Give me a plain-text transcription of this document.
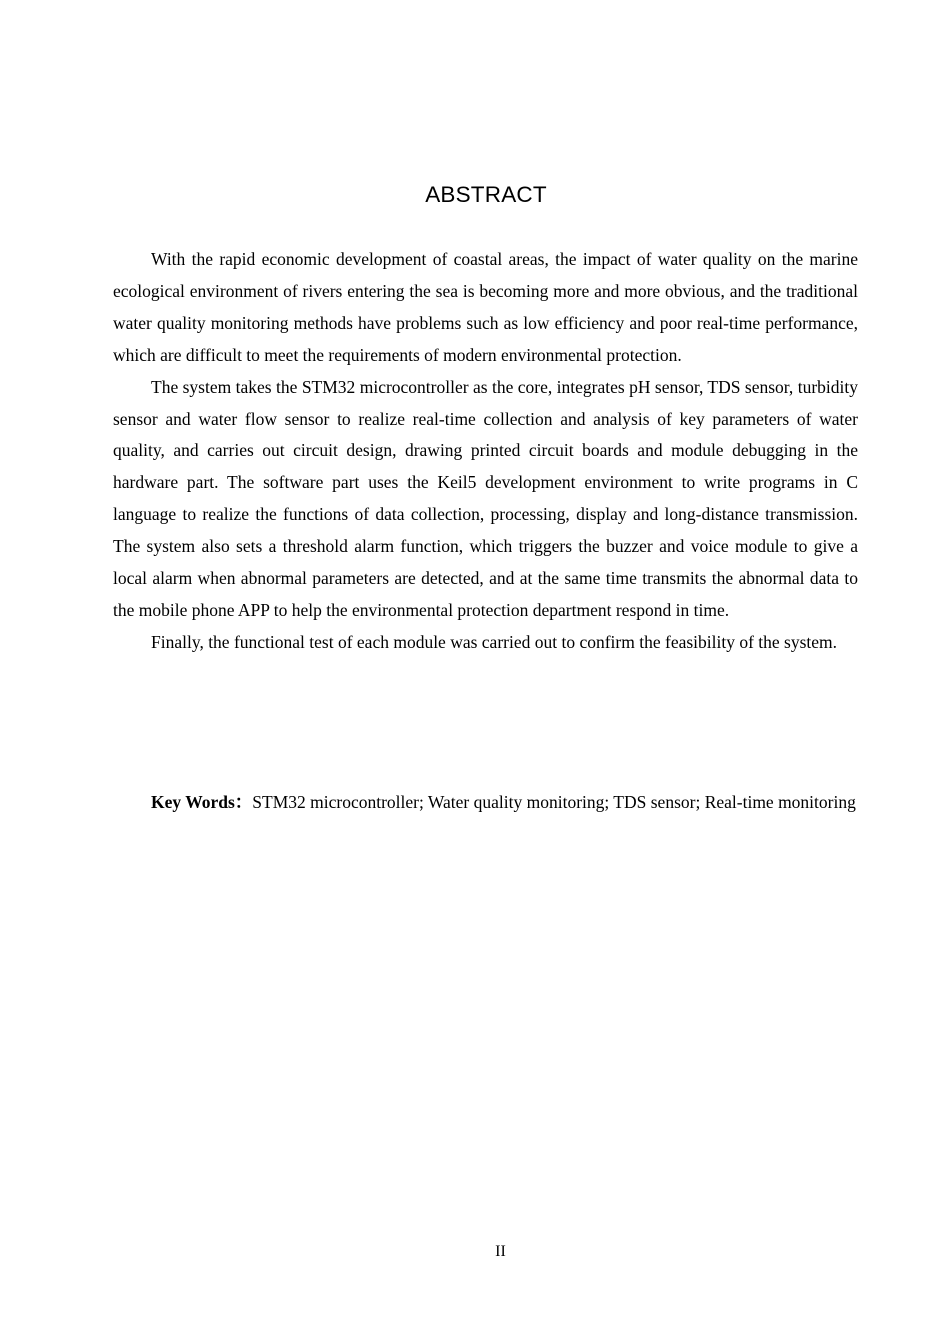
ABSTRACT

With the rapid economic development of coastal areas, the impact of water quality on the marine ecological environment of rivers entering the sea is becoming more and more obvious, and the traditional water quality monitoring methods have problems such as low efficiency and poor real-time performance, which are difficult to meet the requirements of modern environmental protection.

The system takes the STM32 microcontroller as the core, integrates pH sensor, TDS sensor, turbidity sensor and water flow sensor to realize real-time collection and analysis of key parameters of water quality, and carries out circuit design, drawing printed circuit boards and module debugging in the hardware part. The software part uses the Keil5 development environment to write programs in C language to realize the functions of data collection, processing, display and long-distance transmission. The system also sets a threshold alarm function, which triggers the buzzer and voice module to give a local alarm when abnormal parameters are detected, and at the same time transmits the abnormal data to the mobile phone APP to help the environmental protection department respond in time.

Finally, the functional test of each module was carried out to confirm the feasibility of the system.

Key Words：STM32 microcontroller; Water quality monitoring; TDS sensor; Real-time monitoring

II
